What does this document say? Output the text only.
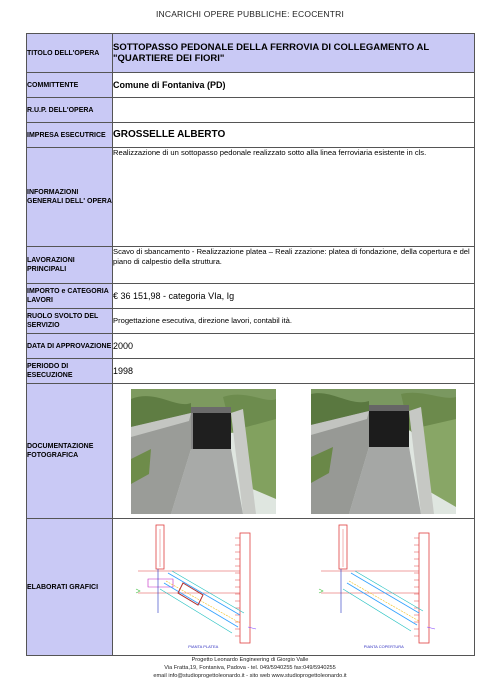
INCARICHI OPERE PUBBLICHE: ECOCENTRI
TITOLO DELL'OPERA	SOTTOPASSO PEDONALE DELLA FERROVIA DI COLLEGAMENTO AL "QUARTIERE DEI FIORI"
COMMITTENTE	Comune di Fontaniva (PD)
R.U.P. DELL'OPERA	
IMPRESA ESECUTRICE	GROSSELLE ALBERTO
INFORMAZIONI GENERALI DELL' OPERA	Realizzazione di un sottopasso pedonale realizzato sotto alla linea ferroviaria esistente in cls.
LAVORAZIONI PRINCIPALI	Scavo di sbancamento - Realizzazione platea – Reali zzazione: platea di fondazione, della copertura e del piano di calpestio della struttura.
IMPORTO e CATEGORIA LAVORI	€ 36 151,98 - categoria VIa, Ig
RUOLO SVOLTO DEL SERVIZIO	Progettazione esecutiva, direzione lavori, contabil ità.
DATA DI APPROVAZIONE	2000
PERIODO DI ESECUZIONE	1998
DOCUMENTAZIONE FOTOGRAFICA	

ELABORATI GRAFICI	PIANTA PLATEA PIANTA COPERTURA
Progetto Leonardo Engineering di Giorgio Valle
Via Fratta,19, Fontaniva, Padova - tel. 049/5940255 fax:049/5940255
email info@studioprogettoleonardo.it - sito web www.studioprogettoleonardo.it
